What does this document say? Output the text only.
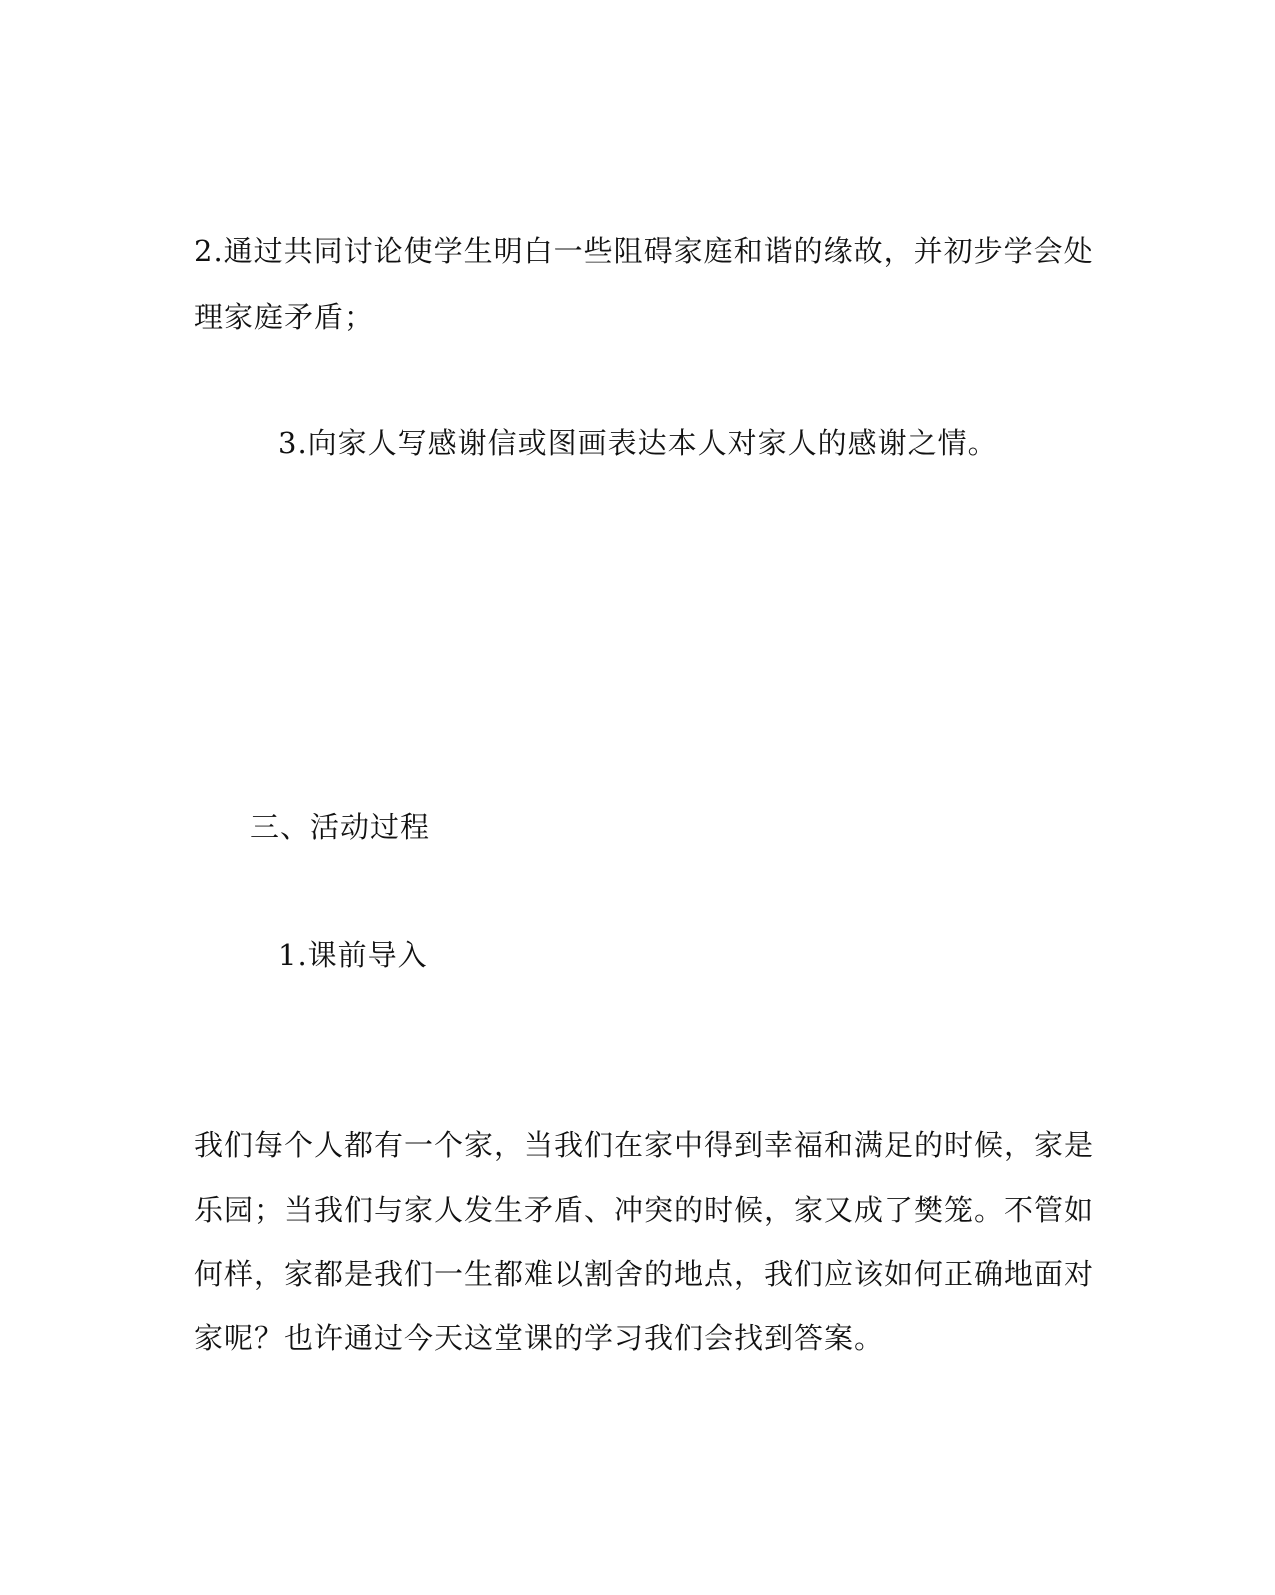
2.通过共同讨论使学生明白一些阻碍家庭和谐的缘故，并初步学会处
理家庭矛盾；
3.向家人写感谢信或图画表达本人对家人的感谢之情。
三、活动过程
1.课前导入
我们每个人都有一个家，当我们在家中得到幸福和满足的时候，家是
乐园；当我们与家人发生矛盾、冲突的时候，家又成了樊笼。不管如
何样，家都是我们一生都难以割舍的地点，我们应该如何正确地面对
家呢？也许通过今天这堂课的学习我们会找到答案。
